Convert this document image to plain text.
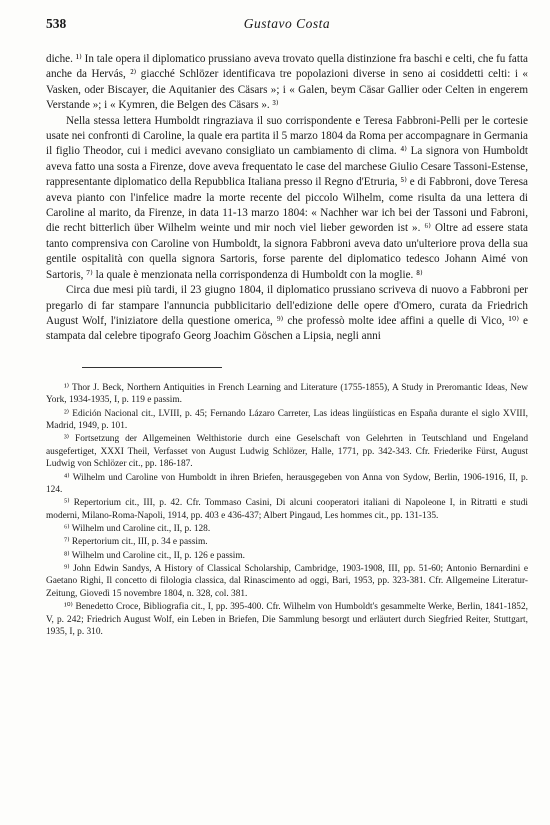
538	Gustavo Costa

diche. ¹⁾ In tale opera il diplomatico prussiano aveva trovato quella distinzione fra baschi e celti, che fu fatta anche da Hervás, ²⁾ giacché Schlözer identificava tre popolazioni diverse in seno ai cosiddetti celti: i « Vasken, oder Biscayer, die Aquitanier des Cäsars »; i « Galen, beym Cäsar Gallier oder Celten in engerem Verstande »; i « Kymren, die Belgen des Cäsars ». ³⁾

Nella stessa lettera Humboldt ringraziava il suo corrispondente e Teresa Fabbroni-Pelli per le cortesie usate nei confronti di Caroline, la quale era partita il 5 marzo 1804 da Roma per accompagnare in Germania il figlio Theodor, cui i medici avevano consigliato un cambiamento di clima. ⁴⁾ La signora von Humboldt aveva fatto una sosta a Firenze, dove aveva frequentato le case del marchese Giulio Cesare Tassoni-Estense, rappresentante diplomatico della Repubblica Italiana presso il Regno d'Etruria, ⁵⁾ e di Fabbroni, dove Teresa aveva pianto con l'infelice madre la morte recente del piccolo Wilhelm, come risulta da una lettera di Caroline al marito, da Firenze, in data 11-13 marzo 1804: « Nachher war ich bei der Tassoni und Fabroni, die recht bitterlich über Wilhelm weinte und mir noch viel lieber geworden ist ». ⁶⁾ Oltre ad essere stata tanto comprensiva con Caroline von Humboldt, la signora Fabbroni aveva dato un'ulteriore prova della sua gentile ospitalità con quella signora Sartoris, forse parente del diplomatico tedesco Johann Aimé von Sartoris, ⁷⁾ la quale è menzionata nella corrispondenza di Humboldt con la moglie. ⁸⁾

Circa due mesi più tardi, il 23 giugno 1804, il diplomatico prussiano scriveva di nuovo a Fabbroni per pregarlo di far stampare l'annuncia pubblicitario dell'edizione delle opere d'Omero, curata da Friedrich August Wolf, l'iniziatore della questione omerica, ⁹⁾ che professò molte idee affini a quelle di Vico, ¹⁰⁾ e stampata dal celebre tipografo Georg Joachim Göschen a Lipsia, negli anni

¹⁾ Thor J. Beck, Northern Antiquities in French Learning and Literature (1755-1855), A Study in Preromantic Ideas, New York, 1934-1935, I, p. 119 e passim.

²⁾ Edición Nacional cit., LVIII, p. 45; Fernando Lázaro Carreter, Las ideas lingüísticas en España durante el siglo XVIII, Madrid, 1949, p. 101.

³⁾ Fortsetzung der Allgemeinen Welthistorie durch eine Geselschaft von Gelehrten in Teutschland und Engeland ausgefertiget, XXXI Theil, Verfasset von August Ludwig Schlözer, Halle, 1771, pp. 342-343. Cfr. Friederike Fürst, August Ludwig von Schlözer cit., pp. 186-187.

⁴⁾ Wilhelm und Caroline von Humboldt in ihren Briefen, herausgegeben von Anna von Sydow, Berlin, 1906-1916, II, p. 124.

⁵⁾ Repertorium cit., III, p. 42. Cfr. Tommaso Casini, Di alcuni cooperatori italiani di Napoleone I, in Ritratti e studi moderni, Milano-Roma-Napoli, 1914, pp. 403 e 436-437; Albert Pingaud, Les hommes cit., pp. 131-135.

⁶⁾ Wilhelm und Caroline cit., II, p. 128.

⁷⁾ Repertorium cit., III, p. 34 e passim.

⁸⁾ Wilhelm und Caroline cit., II, p. 126 e passim.

⁹⁾ John Edwin Sandys, A History of Classical Scholarship, Cambridge, 1903-1908, III, pp. 51-60; Antonio Bernardini e Gaetano Righi, Il concetto di filologia classica, dal Rinascimento ad oggi, Bari, 1953, pp. 323-381. Cfr. Allgemeine Literatur-Zeitung, Giovedì 15 novembre 1804, n. 328, col. 381.

¹⁰⁾ Benedetto Croce, Bibliografia cit., I, pp. 395-400. Cfr. Wilhelm von Humboldt's gesammelte Werke, Berlin, 1841-1852, V, p. 242; Friedrich August Wolf, ein Leben in Briefen, Die Sammlung besorgt und erläutert durch Siegfried Reiter, Stuttgart, 1935, I, p. 310.
